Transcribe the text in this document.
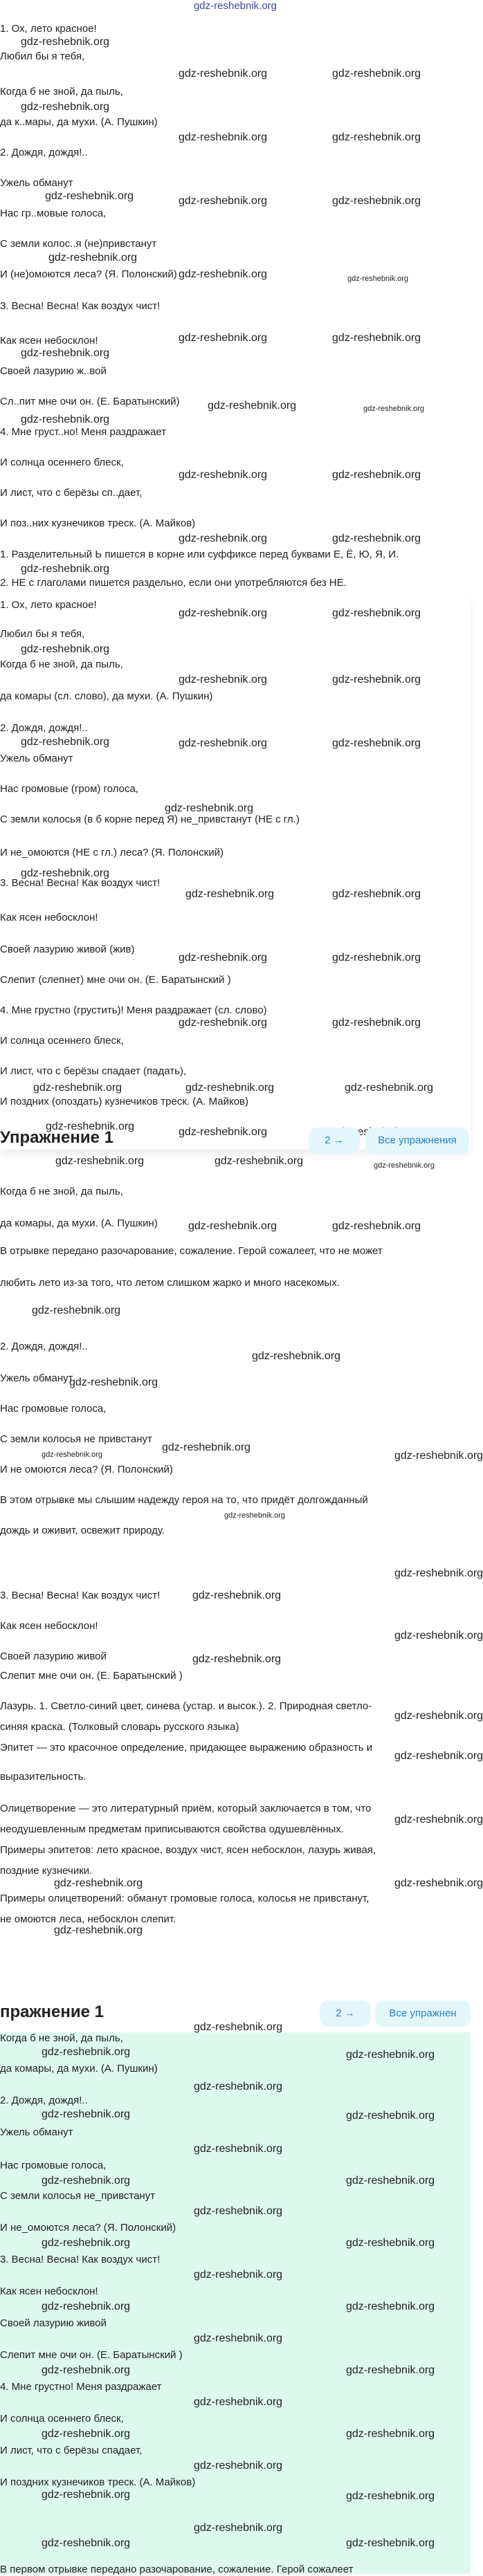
gdz-reshebnik.org
1. Ох, лето красное!
Любил бы я тебя,
Когда б не зной, да пыль,
да к..мары, да мухи. (А. Пушкин)
2. Дождя, дождя!..
Ужель обманут
Нас гр..мовые голоса,
С земли колос..я (не)привстанут
И (не)омоются леса? (Я. Полонский)
3. Весна! Весна! Как воздух чист!
Как ясен небосклон!
Своей лазурию ж..вой
Сл..пит мне очи он. (Е. Баратынский)
4. Мне груст..но! Меня раздражает
И солнца осеннего блеск,
И лист, что с берёзы сп..дает,
И поз..них кузнечиков треск. (А. Майков)
1. Разделительный Ь пишется в корне или суффиксе перед буквами Е, Ё, Ю, Я, И.
2. НЕ с глаголами пишется раздельно, если они употребляются без НЕ.
gdz-reshebnik.org
gdz-reshebnik.org	gdz-reshebnik.org
gdz-reshebnik.org
gdz-reshebnik.org	gdz-reshebnik.org
gdz-reshebnik.org	gdz-reshebnik.org	gdz-reshebnik.org
gdz-reshebnik.org
gdz-reshebnik.org	gdz-reshebnik.org
gdz-reshebnik.org
gdz-reshebnik.org	gdz-reshebnik.org
gdz-reshebnik.org	gdz-reshebnik.org
gdz-reshebnik.org
gdz-reshebnik.org	gdz-reshebnik.org
gdz-reshebnik.org	gdz-reshebnik.org
gdz-reshebnik.org
1. Ох, лето красное!
Любил бы я тебя,
Когда б не зной, да пыль,
да комары (сл. слово), да мухи. (А. Пушкин)
2. Дождя, дождя!..
Ужель обманут
Нас громовые (гром) голоса,
С земли колосья (в б корне перед Я) не_привстанут (НЕ с гл.)
И не_омоются (НЕ с гл.) леса? (Я. Полонский)
3. Весна! Весна! Как воздух чист!
Как ясен небосклон!
Своей лазурию живой (жив)
Слепит (слепнет) мне очи он. (Е. Баратынский )
4. Мне грустно (грустить)! Меня раздражает (сл. слово)
И солнца осеннего блеск,
И лист, что с берёзы спадает (падать),
И поздних (опоздать) кузнечиков треск. (А. Майков)
gdz-reshebnik.org	gdz-reshebnik.org
gdz-reshebnik.org
gdz-reshebnik.org	gdz-reshebnik.org
gdz-reshebnik.org	gdz-reshebnik.org	gdz-reshebnik.org
gdz-reshebnik.org
gdz-reshebnik.org
gdz-reshebnik.org	gdz-reshebnik.org
gdz-reshebnik.org	gdz-reshebnik.org
gdz-reshebnik.org	gdz-reshebnik.org
gdz-reshebnik.org	gdz-reshebnik.org	gdz-reshebnik.org
gdz-reshebnik.org	gdz-reshebnik.org
Упражнение 1	2 →	Все упражнения
Когда б не зной, да пыль,
да комары, да мухи. (А. Пушкин)
В отрывке передано разочарование, сожаление. Герой сожалеет, что не может
любить лето из-за того, что летом слишком жарко и много насекомых.
2. Дождя, дождя!..
Ужель обманут
Нас громовые голоса,
С земли колосья не привстанут
И не омоются леса? (Я. Полонский)
В этом отрывке мы слышим надежду героя на то, что придёт долгожданный
дождь и оживит, освежит природу.
3. Весна! Весна! Как воздух чист!
Как ясен небосклон!
Своей лазурию живой
Слепит мне очи он. (Е. Баратынский )
Лазурь. 1. Светло-синий цвет, синева (устар. и высок.). 2. Природная светло-
синяя краска. (Толковый словарь русского языка)
Эпитет — это красочное определение, придающее выражению образность и
выразительность.
Олицетворение — это литературный приём, который заключается в том, что
неодушевленным предметам приписываются свойства одушевлённых.
Примеры эпитетов: лето красное, воздух чист, ясен небосклон, лазурь живая,
поздние кузнечики.
Примеры олицетворений: обманут громовые голоса, колосья не привстанут,
не омоются леса, небосклон слепит.
gdz-reshebnik.org	gdz-reshebnik.org	gdz-reshebnik.org
gdz-reshebnik.org	gdz-reshebnik.org
gdz-reshebnik.org
gdz-reshebnik.org
gdz-reshebnik.org
gdz-reshebnik.org
gdz-reshebnik.org
gdz-reshebnik.org
gdz-reshebnik.org
gdz-reshebnik.org
gdz-reshebnik.org
gdz-reshebnik.org
gdz-reshebnik.org
gdz-reshebnik.org
gdz-reshebnik.org
gdz-reshebnik.org
gdz-reshebnik.org	gdz-reshebnik.org
gdz-reshebnik.org
пражнение 1	2 →	Все упражнен
Когда б не зной, да пыль,
да комары, да мухи. (А. Пушкин)
2. Дождя, дождя!..
Ужель обманут
Нас громовые голоса,
С земли колосья не_привстанут
И не_омоются леса? (Я. Полонский)
3. Весна! Весна! Как воздух чист!
Как ясен небосклон!
Своей лазурию живой
Слепит мне очи он. (Е. Баратынский )
4. Мне грустно! Меня раздражает
И солнца осеннего блеск,
И лист, что с берёзы спадает,
И поздних кузнечиков треск. (А. Майков)
В первом отрывке передано разочарование, сожаление. Герой сожалеет
gdz-reshebnik.org
gdz-reshebnik.org
gdz-reshebnik.org
gdz-reshebnik.org
gdz-reshebnik.org	gdz-reshebnik.org
gdz-reshebnik.org
gdz-reshebnik.org	gdz-reshebnik.org
gdz-reshebnik.org
gdz-reshebnik.org
gdz-reshebnik.org
gdz-reshebnik.org
gdz-reshebnik.org	gdz-reshebnik.org
gdz-reshebnik.org
gdz-reshebnik.org	gdz-reshebnik.org
gdz-reshebnik.org
gdz-reshebnik.org	gdz-reshebnik.org
gdz-reshebnik.org
gdz-reshebnik.org	gdz-reshebnik.org
gdz-reshebnik.org
gdz-reshebnik.org	gdz-reshebnik.org
